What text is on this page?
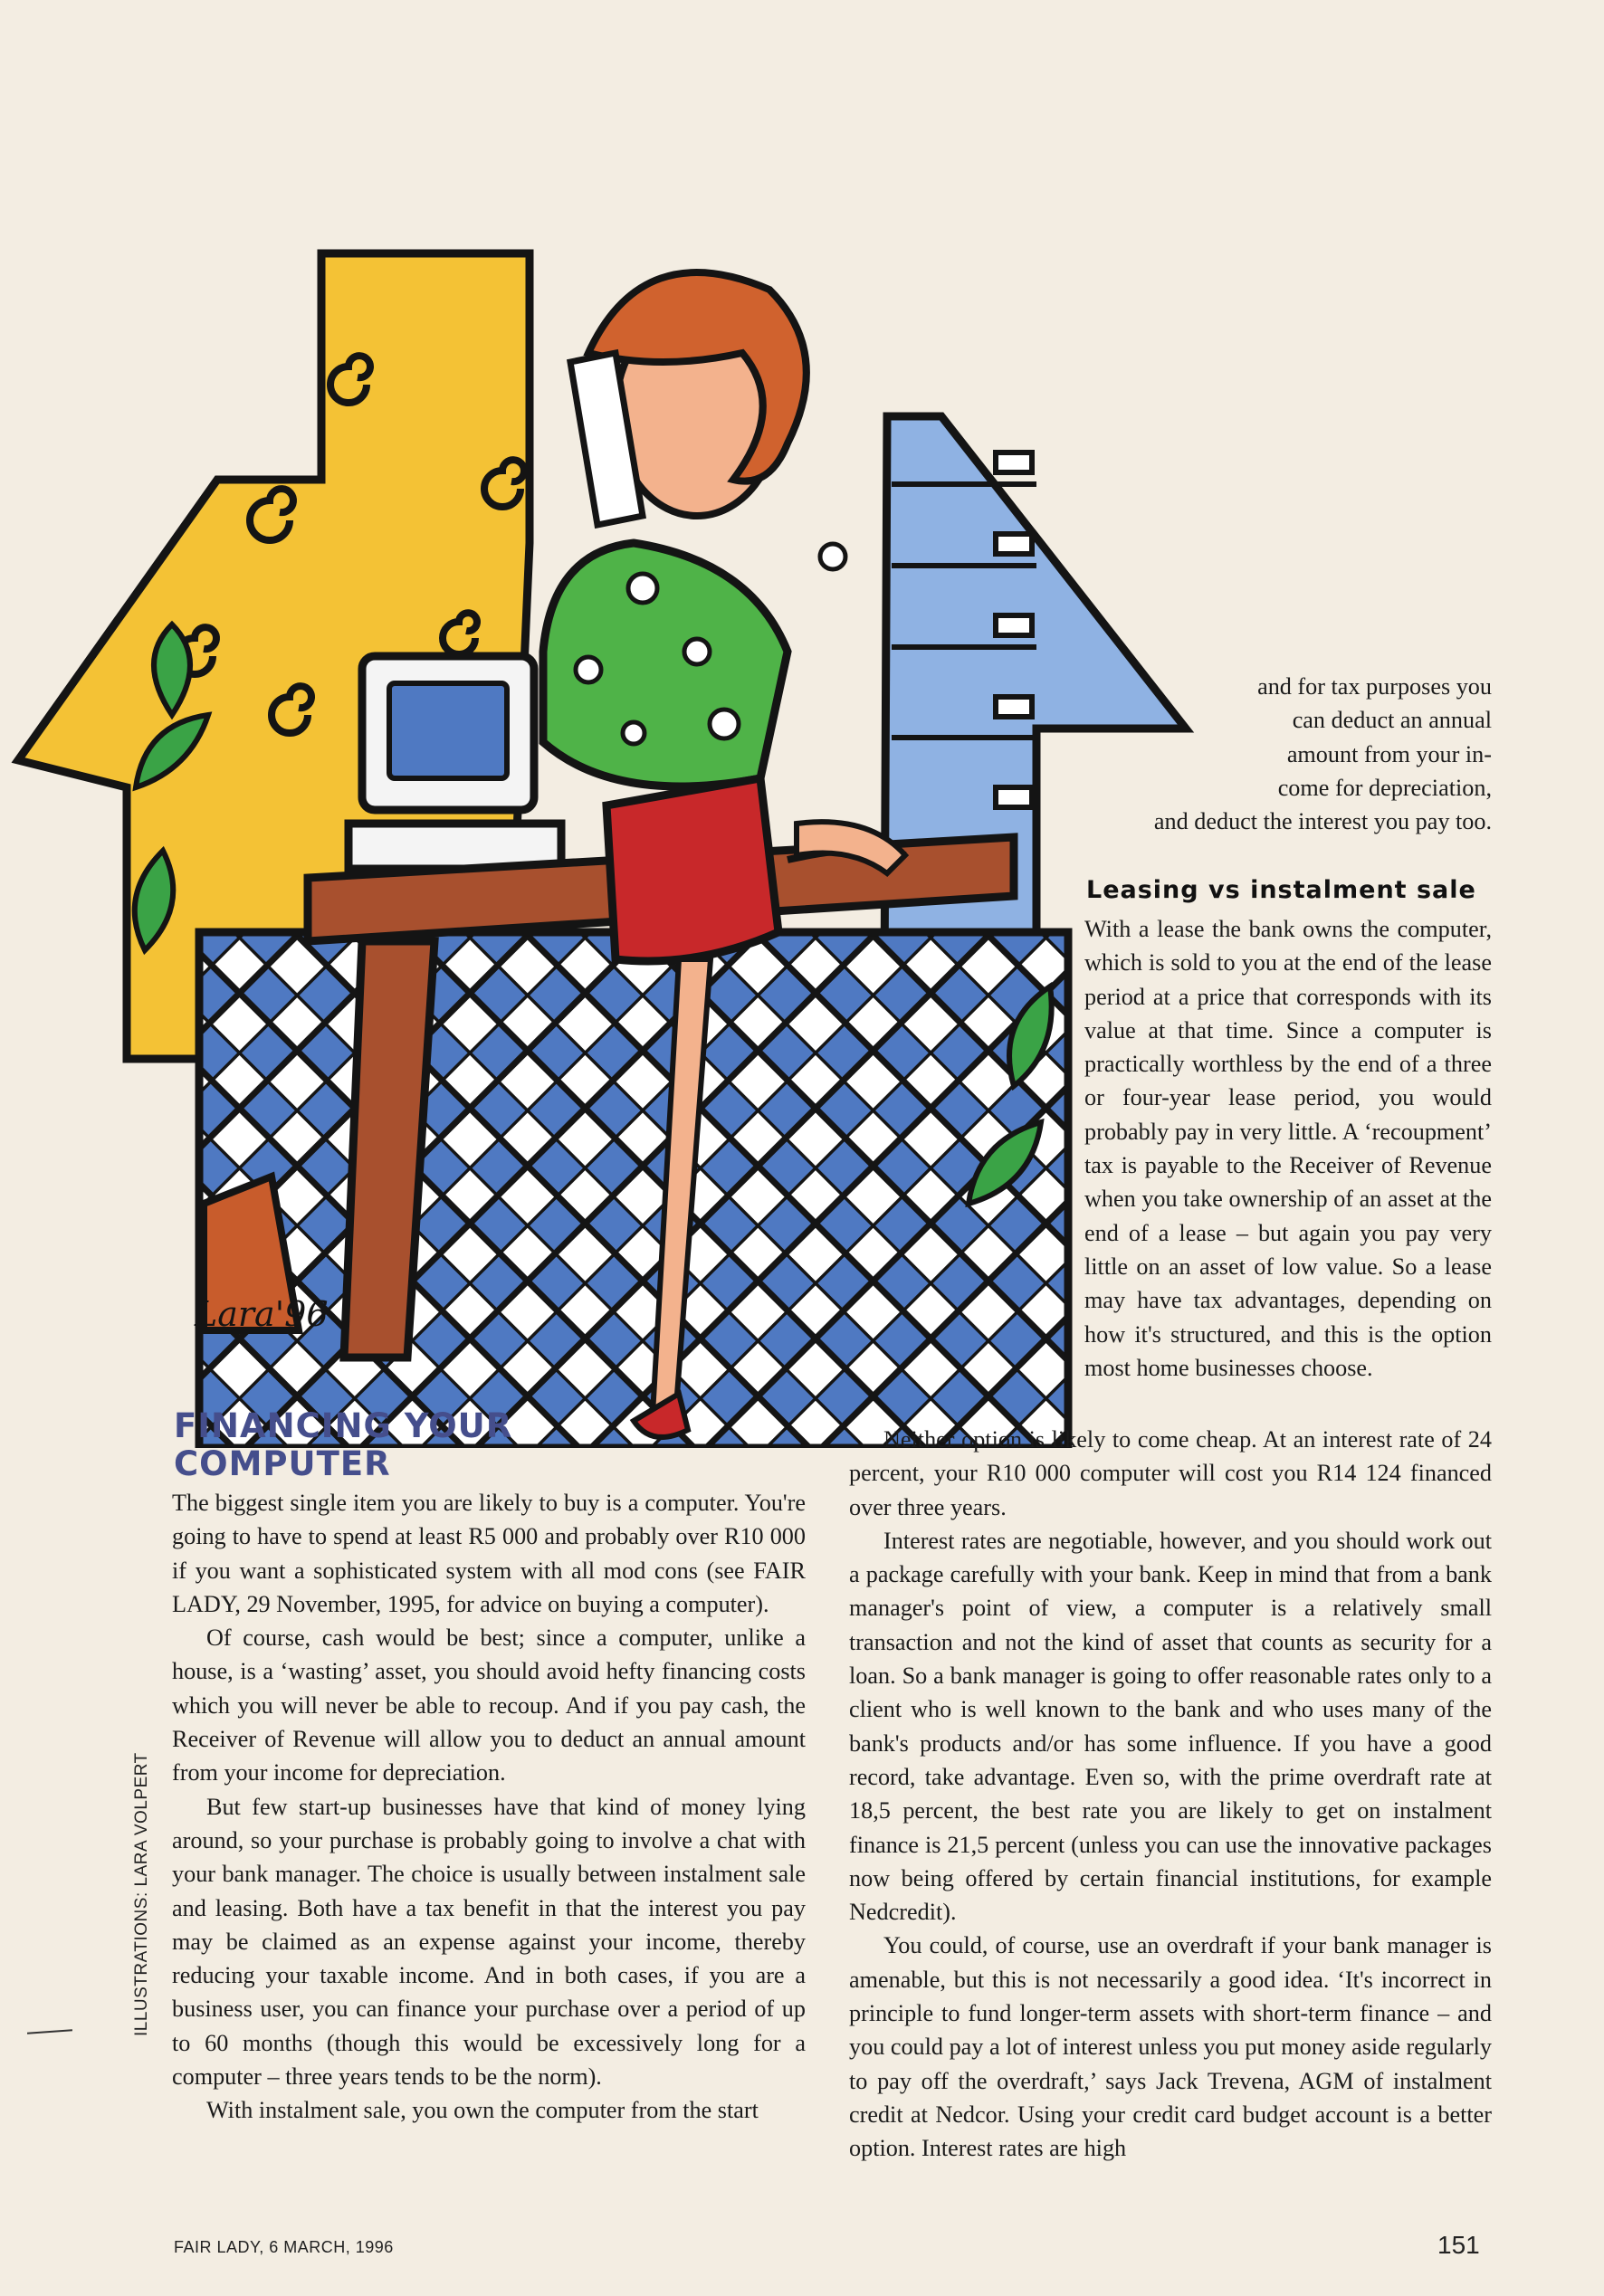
Lara'96
FINANCING YOUR COMPUTER

The biggest single item you are likely to buy is a computer. You're going to have to spend at least R5 000 and probably over R10 000 if you want a sophisticated system with all mod cons (see FAIR LADY, 29 November, 1995, for advice on buying a computer).

Of course, cash would be best; since a computer, unlike a house, is a ‘wasting’ asset, you should avoid hefty financing costs which you will never be able to recoup. And if you pay cash, the Receiver of Revenue will allow you to deduct an annual amount from your income for depreciation.

But few start-up businesses have that kind of money lying around, so your purchase is probably going to involve a chat with your bank manager. The choice is usually between instalment sale and leasing. Both have a tax benefit in that the interest you pay may be claimed as an expense against your income, thereby reducing your taxable income. And in both cases, if you are a business user, you can finance your purchase over a period of up to 60 months (though this would be excessively long for a computer – three years tends to be the norm).

With instalment sale, you own the computer from the start

and for tax purposes you
can deduct an annual
amount from your in-
come for depreciation,
and deduct the interest you pay too.
Leasing vs instalment sale

With a lease the bank owns the computer, which is sold to you at the end of the lease period at a price that corresponds with its value at that time. Since a computer is practically worthless by the end of a three or four-year lease period, you would probably pay in very little. A ‘recoupment’ tax is payable to the Receiver of Revenue when you take ownership of an asset at the end of a lease – but again you pay very little on an asset of low value. So a lease may have tax advantages, depending on how it's structured, and this is the option most home businesses choose.

Neither option is likely to come cheap. At an interest rate of 24 percent, your R10 000 computer will cost you R14 124 financed over three years.

Interest rates are negotiable, however, and you should work out a package carefully with your bank. Keep in mind that from a bank manager's point of view, a computer is a relatively small transaction and not the kind of asset that counts as security for a loan. So a bank manager is going to offer reasonable rates only to a client who is well known to the bank and who uses many of the bank's products and/or has some influence. If you have a good record, take advantage. Even so, with the prime overdraft rate at 18,5 percent, the best rate you are likely to get on instalment finance is 21,5 percent (unless you can use the innovative packages now being offered by certain financial institutions, for example Nedcredit).

You could, of course, use an overdraft if your bank manager is amenable, but this is not necessarily a good idea. ‘It's incorrect in principle to fund longer-term assets with short-term finance – and you could pay a lot of interest unless you put money aside regularly to pay off the overdraft,’ says Jack Trevena, AGM of instalment credit at Nedcor. Using your credit card budget account is a better option. Interest rates are high

ILLUSTRATIONS: LARA VOLPERT
FAIR LADY, 6 MARCH, 1996	151
